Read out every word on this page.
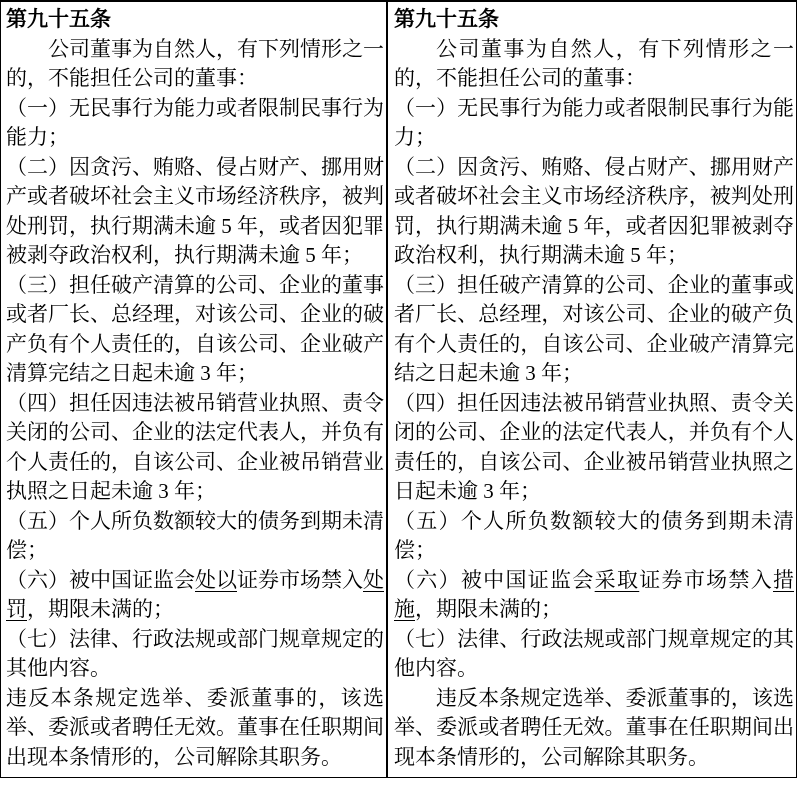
第九十五条

公司董事为自然人，有下列情形之一的，不能担任公司的董事：

（一）无民事行为能力或者限制民事行为能力；

（二）因贪污、贿赂、侵占财产、挪用财产或者破坏社会主义市场经济秩序，被判处刑罚，执行期满未逾 5 年，或者因犯罪被剥夺政治权利，执行期满未逾 5 年；

（三）担任破产清算的公司、企业的董事或者厂长、总经理，对该公司、企业的破产负有个人责任的，自该公司、企业破产清算完结之日起未逾 3 年；

（四）担任因违法被吊销营业执照、责令关闭的公司、企业的法定代表人，并负有个人责任的，自该公司、企业被吊销营业执照之日起未逾 3 年；

（五）个人所负数额较大的债务到期未清偿；

（六）被中国证监会处以证券市场禁入处罚，期限未满的；

（七）法律、行政法规或部门规章规定的其他内容。

违反本条规定选举、委派董事的，该选举、委派或者聘任无效。董事在任职期间出现本条情形的，公司解除其职务。

第九十五条

公司董事为自然人，有下列情形之一的，不能担任公司的董事：

（一）无民事行为能力或者限制民事行为能力；

（二）因贪污、贿赂、侵占财产、挪用财产或者破坏社会主义市场经济秩序，被判处刑罚，执行期满未逾 5 年，或者因犯罪被剥夺政治权利，执行期满未逾 5 年；

（三）担任破产清算的公司、企业的董事或者厂长、总经理，对该公司、企业的破产负有个人责任的，自该公司、企业破产清算完结之日起未逾 3 年；

（四）担任因违法被吊销营业执照、责令关闭的公司、企业的法定代表人，并负有个人责任的，自该公司、企业被吊销营业执照之日起未逾 3 年；

（五）个人所负数额较大的债务到期未清偿；

（六）被中国证监会采取证券市场禁入措施，期限未满的；

（七）法律、行政法规或部门规章规定的其他内容。

违反本条规定选举、委派董事的，该选举、委派或者聘任无效。董事在任职期间出现本条情形的，公司解除其职务。
